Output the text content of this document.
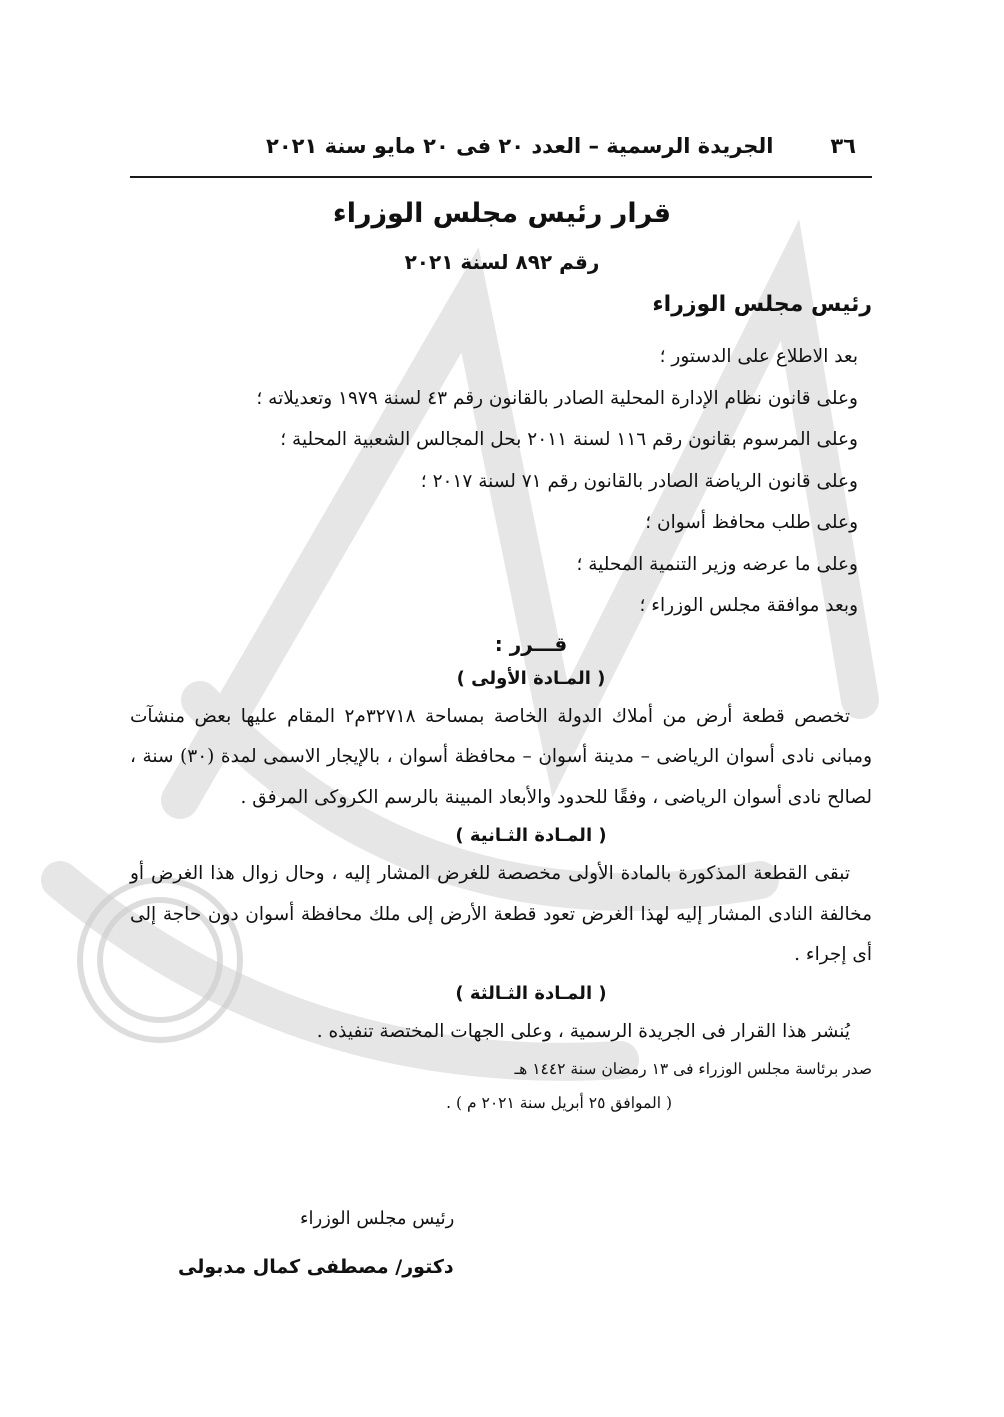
٣٦
الجريدة الرسمية – العدد ٢٠ فى ٢٠ مايو سنة ٢٠٢١
قرار رئيس مجلس الوزراء
رقم ٨٩٢ لسنة ٢٠٢١
رئيس مجلس الوزراء
بعد الاطلاع على الدستور ؛
وعلى قانون نظام الإدارة المحلية الصادر بالقانون رقم ٤٣ لسنة ١٩٧٩ وتعديلاته ؛
وعلى المرسوم بقانون رقم ١١٦ لسنة ٢٠١١ بحل المجالس الشعبية المحلية ؛
وعلى قانون الرياضة الصادر بالقانون رقم ٧١ لسنة ٢٠١٧ ؛
وعلى طلب محافظ أسوان ؛
وعلى ما عرضه وزير التنمية المحلية ؛
وبعد موافقة مجلس الوزراء ؛
قـــرر :
( المـادة الأولى )

تخصص قطعة أرض من أملاك الدولة الخاصة بمساحة ٣٢٧١٨م٢ المقام عليها بعض منشآت ومبانى نادى أسوان الرياضى – مدينة أسوان – محافظة أسوان ، بالإيجار الاسمى لمدة (٣٠) سنة ، لصالح نادى أسوان الرياضى ، وفقًا للحدود والأبعاد المبينة بالرسم الكروكى المرفق .

( المـادة الثـانية )

تبقى القطعة المذكورة بالمادة الأولى مخصصة للغرض المشار إليه ، وحال زوال هذا الغرض أو مخالفة النادى المشار إليه لهذا الغرض تعود قطعة الأرض إلى ملك محافظة أسوان دون حاجة إلى أى إجراء .

( المـادة الثـالثة )
يُنشر هذا القرار فى الجريدة الرسمية ، وعلى الجهات المختصة تنفيذه .
صدر برئاسة مجلس الوزراء فى ١٣ رمضان سنة ١٤٤٢ هـ
( الموافق ٢٥ أبريل سنة ٢٠٢١ م ) .
رئيس مجلس الوزراء
دكتور/ مصطفى كمال مدبولى
